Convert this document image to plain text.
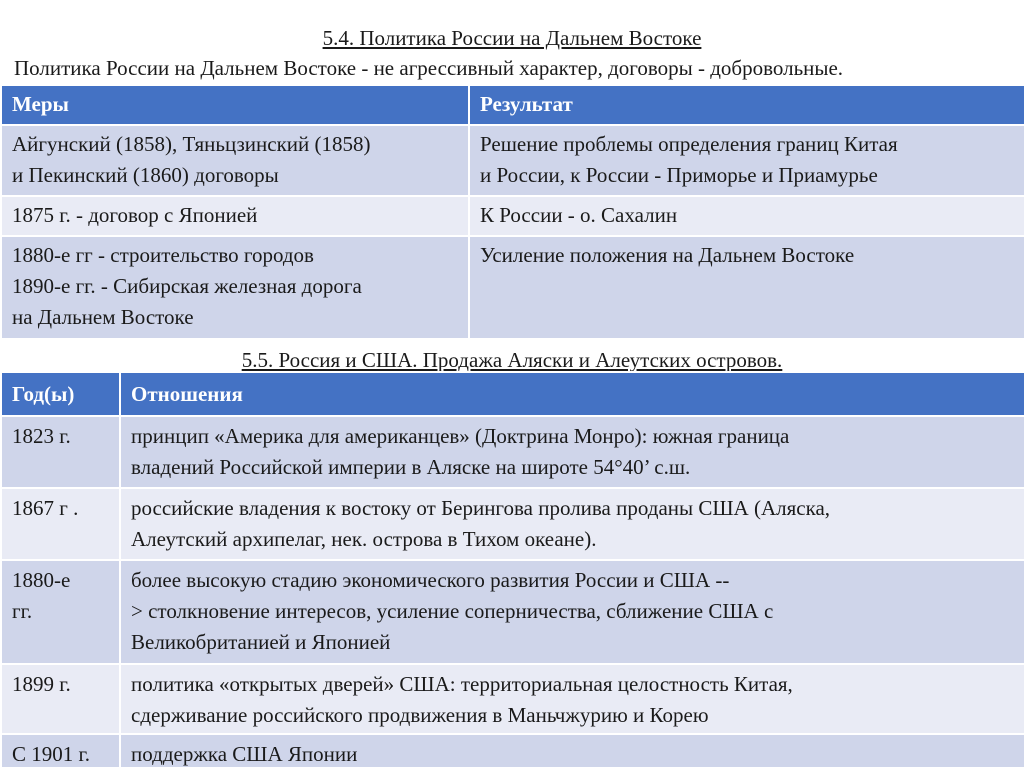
5.4. Политика России на Дальнем Востоке
Политика России на Дальнем Востоке - не агрессивный характер, договоры - добровольные.
Меры	Результат

Айгунский (1858), Тяньцзинский (1858)
и Пекинский (1860) договоры	Решение проблемы определения границ Китая
и России, к России - Приморье и Приамурье

1875 г. - договор с Японией	К России - о. Сахалин

1880-е гг - строительство городов
1890-е гг. - Сибирская железная дорога
на Дальнем Востоке	Усиление положения на Дальнем Востоке
5.5. Россия и США. Продажа Аляски и Алеутских островов.
Год(ы)	Отношения

1823 г.	принцип «Америка для американцев» (Доктрина Монро): южная граница
владений Российской империи в Аляске на широте 54°40’ с.ш.

1867 г .	российские владения к востоку от Берингова пролива проданы США (Аляска,
Алеутский архипелаг, нек. острова в Тихом океане).

1880-е
гг.	более высокую стадию экономического развития России и США --
> столкновение интересов, усиление соперничества, сближение США с
Великобританией и Японией

1899 г.	политика «открытых дверей» США: территориальная целостность Китая,
сдерживание российского продвижения в Маньчжурию и Корею

С 1901 г.	поддержка США Японии
